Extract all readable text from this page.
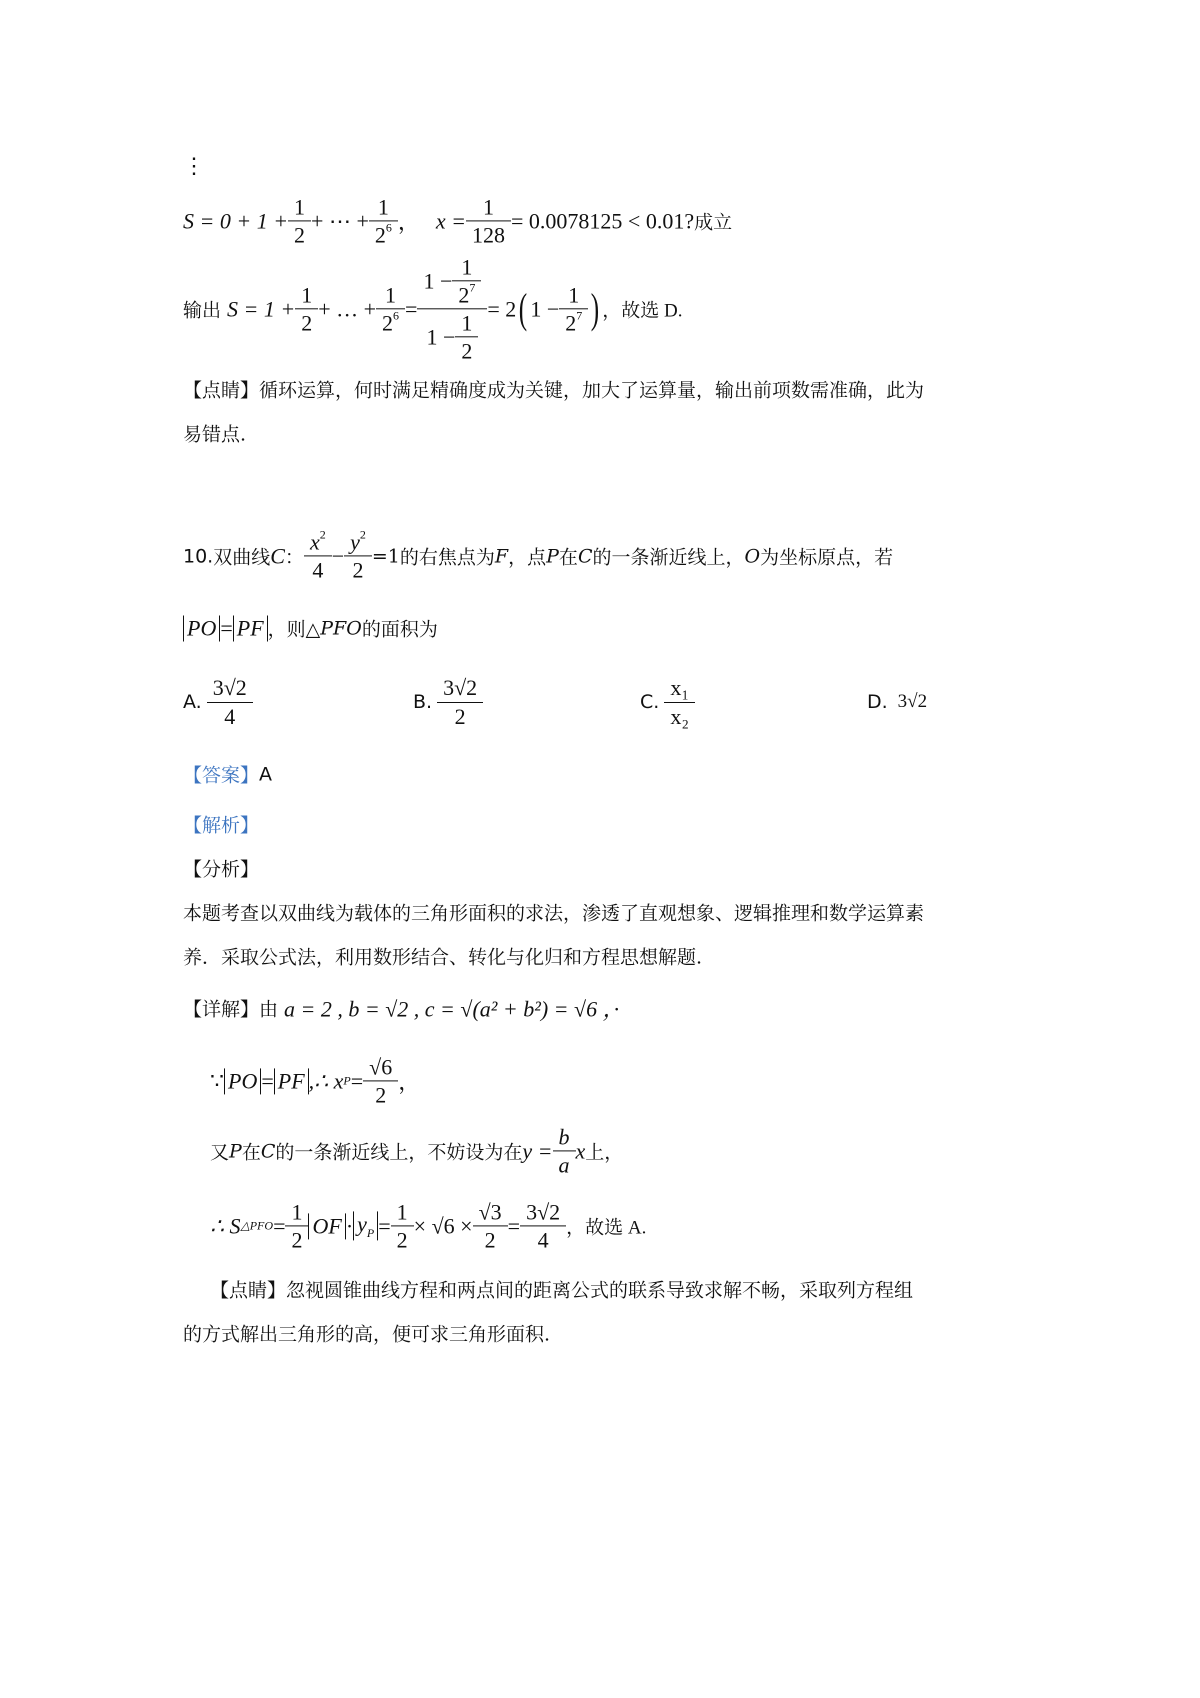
⋮
$S = 0 + 1 + \frac{1}{2}$ + ⋯ + $\frac{1}{2^6}$ ， $x = \frac{1}{128} = 0.0078125 < 0.01$? 成立
输出 $S = 1 + \frac{1}{2}$ + … + $\frac{1}{2^6} = \frac{1 - \frac{1}{2^7}}{1 - \frac{1}{2}} = 2$ ( $1 - \frac{1}{2^7}$ ) ，故选 D.
【点睛】 循环运算，何时满足精确度成为关键，加大了运算量，输出前项数需准确，此为
易错点.
10. 双曲线 C ： $\frac{x^2}{4} - \frac{y^2}{2} =1$ 的右焦点为 F ，点 P 在 C 的一条渐近线上， O 为坐标原点，若
PO = PF ，则△ PFO 的面积为
A. $\frac{3√2}{4}$	B. $\frac{3√2}{2}$	C. $\frac{\text{x₁}}{\text{x₂}}$	D. 3√2
【答案】 A
【解析】
【分析】
本题考查以双曲线为载体的三角形面积的求法，渗透了直观想象、逻辑推理和数学运算素
养．采取公式法，利用数形结合、转化与化归和方程思想解题.
【详解】 由 a = 2 , b = √2 , c = √(a² + b²) = √6 ，·
∵ PO = PF ,∴ x $P = \frac{√6}{2}$ ，
又 P 在 C 的一条渐近线上，不妨设为在 $y = \frac{b}{a}$ x 上，
∴ S △PFO = $\frac{1}{2}$ OF · $y_P = \frac{1}{2} \times √6 \times \frac{√3}{2} = \frac{3√2}{4}$ ，故选 A.
【点睛】 忽视圆锥曲线方程和两点间的距离公式的联系导致求解不畅，采取列方程组
的方式解出三角形的高，便可求三角形面积.
